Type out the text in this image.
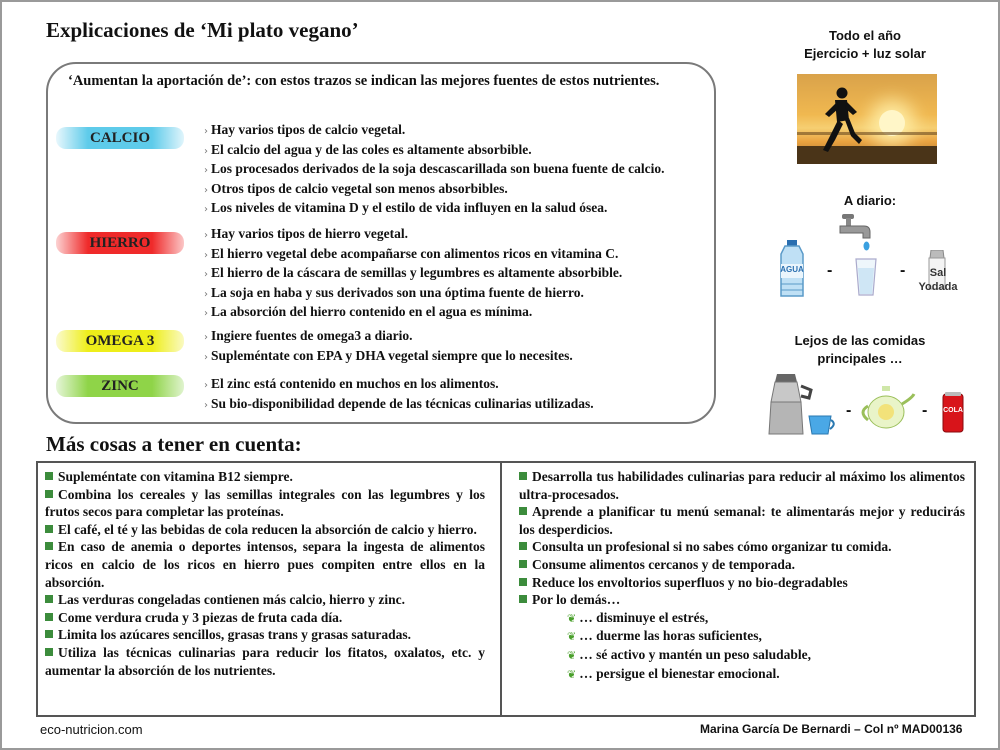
Explicaciones de ‘Mi plato vegano’

‘Aumentan la aportación de’: con estos trazos se indican las mejores fuentes de estos nutrientes.

CALCIO	› Hay varios tipos de calcio vegetal.
› El calcio del agua y de las coles es altamente absorbible.
› Los procesados derivados de la soja descascarillada son buena fuente de calcio.
› Otros tipos de calcio vegetal son menos absorbibles.
› Los niveles de vitamina D y el estilo de vida influyen en la salud ósea.
HIERRO	› Hay varios tipos de hierro vegetal.
› El hierro vegetal debe acompañarse con alimentos ricos en vitamina C.
› El hierro de la cáscara de semillas y legumbres es altamente absorbible.
› La soja en haba y sus derivados son una óptima fuente de hierro.
› La absorción del hierro contenido en el agua es mínima.
OMEGA 3	› Ingiere fuentes de omega3 a diario.
› Supleméntate con EPA y DHA vegetal siempre que lo necesites.
ZINC	› El zinc está contenido en muchos en los alimentos.
› Su bio-disponibilidad depende de las técnicas culinarias utilizadas.
Todo el año
Ejercicio + luz solar
A diario:
AGUA -	-	Sal
Yodada
Lejos de las comidas
principales …
-	- COLA
Más cosas a tener en cuenta:
Supleméntate con vitamina B12 siempre.
Combina los cereales y las semillas integrales con las legumbres y los frutos secos para completar las proteínas.
El café, el té y las bebidas de cola reducen la absorción de calcio y hierro.
En caso de anemia o deportes intensos, separa la ingesta de alimentos ricos en calcio de los ricos en hierro pues compiten entre ellos en la absorción.
Las verduras congeladas contienen más calcio, hierro y zinc.
Come verdura cruda y 3 piezas de fruta cada día.
Limita los azúcares sencillos, grasas trans y grasas saturadas.
Utiliza las técnicas culinarias para reducir los fitatos, oxalatos, etc. y aumentar la absorción de los nutrientes.
Desarrolla tus habilidades culinarias para reducir al máximo los alimentos ultra-procesados.
Aprende a planificar tu menú semanal: te alimentarás mejor y reducirás los desperdicios.
Consulta un profesional si no sabes cómo organizar tu comida.
Consume alimentos cercanos y de temporada.
Reduce los envoltorios superfluos y no bio-degradables
Por lo demás…
❦ … disminuye el estrés,
❦ … duerme las horas suficientes,
❦ … sé activo y mantén un peso saludable,
❦ … persigue el bienestar emocional.
eco-nutricion.com	Marina García De Bernardi – Col nº MAD00136
